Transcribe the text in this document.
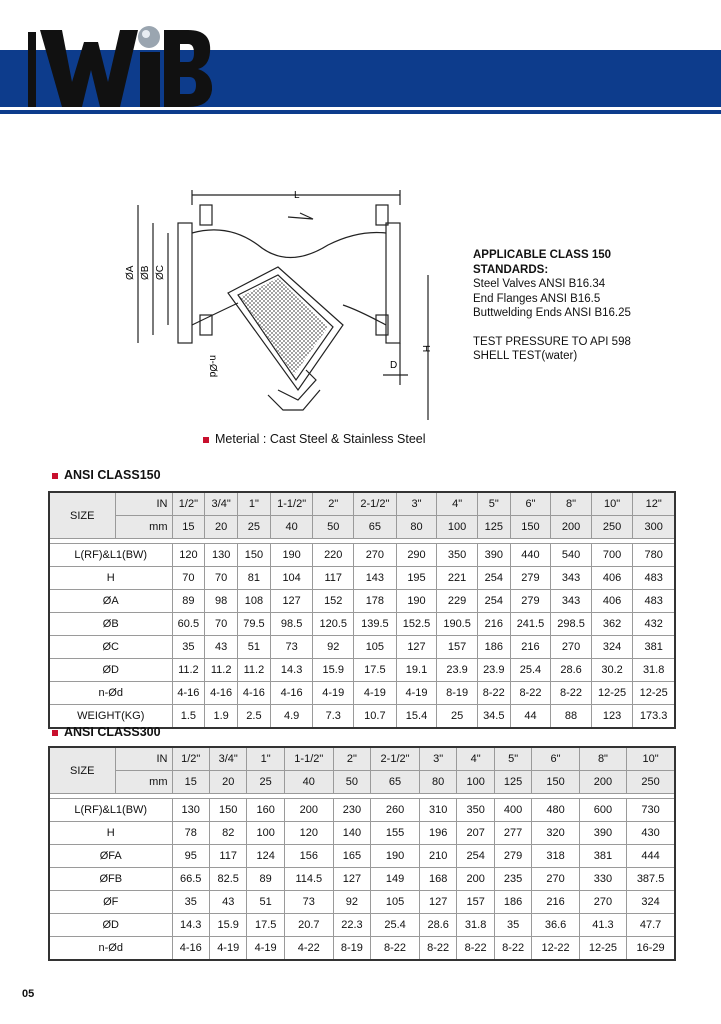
L
ØA ØB ØC
D
H
n-Ød

APPLICABLE CLASS 150

STANDARDS:

Steel Valves ANSI B16.34

End Flanges ANSI B16.5

Buttwelding Ends ANSI B16.25

TEST PRESSURE TO API 598

SHELL TEST(water)

Meterial : Cast Steel & Stainless Steel
ANSI CLASS150
SIZE	IN	1/2"	3/4"	1"	1-1/2"	2"	2-1/2"	3"	4"	5"	6"	8"	10"	12"
	mm	15	20	25	40	50	65	80	100	125	150	200	250	300

L(RF)&L1(BW)		120	130	150	190	220	270	290	350	390	440	540	700	780
H		70	70	81	104	117	143	195	221	254	279	343	406	483
ØA		89	98	108	127	152	178	190	229	254	279	343	406	483
ØB		60.5	70	79.5	98.5	120.5	139.5	152.5	190.5	216	241.5	298.5	362	432
ØC		35	43	51	73	92	105	127	157	186	216	270	324	381
ØD		11.2	11.2	11.2	14.3	15.9	17.5	19.1	23.9	23.9	25.4	28.6	30.2	31.8
n-Ød		4-16	4-16	4-16	4-16	4-19	4-19	4-19	8-19	8-22	8-22	8-22	12-25	12-25
WEIGHT(KG)		1.5	1.9	2.5	4.9	7.3	10.7	15.4	25	34.5	44	88	123	173.3
ANSI CLASS300
SIZE	IN	1/2"	3/4"	1"	1-1/2"	2"	2-1/2"	3"	4"	5"	6"	8"	10"
	mm	15	20	25	40	50	65	80	100	125	150	200	250

L(RF)&L1(BW)		130	150	160	200	230	260	310	350	400	480	600	730
H		78	82	100	120	140	155	196	207	277	320	390	430
ØFA		95	117	124	156	165	190	210	254	279	318	381	444
ØFB		66.5	82.5	89	114.5	127	149	168	200	235	270	330	387.5
ØF		35	43	51	73	92	105	127	157	186	216	270	324
ØD		14.3	15.9	17.5	20.7	22.3	25.4	28.6	31.8	35	36.6	41.3	47.7
n-Ød		4-16	4-19	4-19	4-22	8-19	8-22	8-22	8-22	8-22	12-22	12-25	16-29
05
